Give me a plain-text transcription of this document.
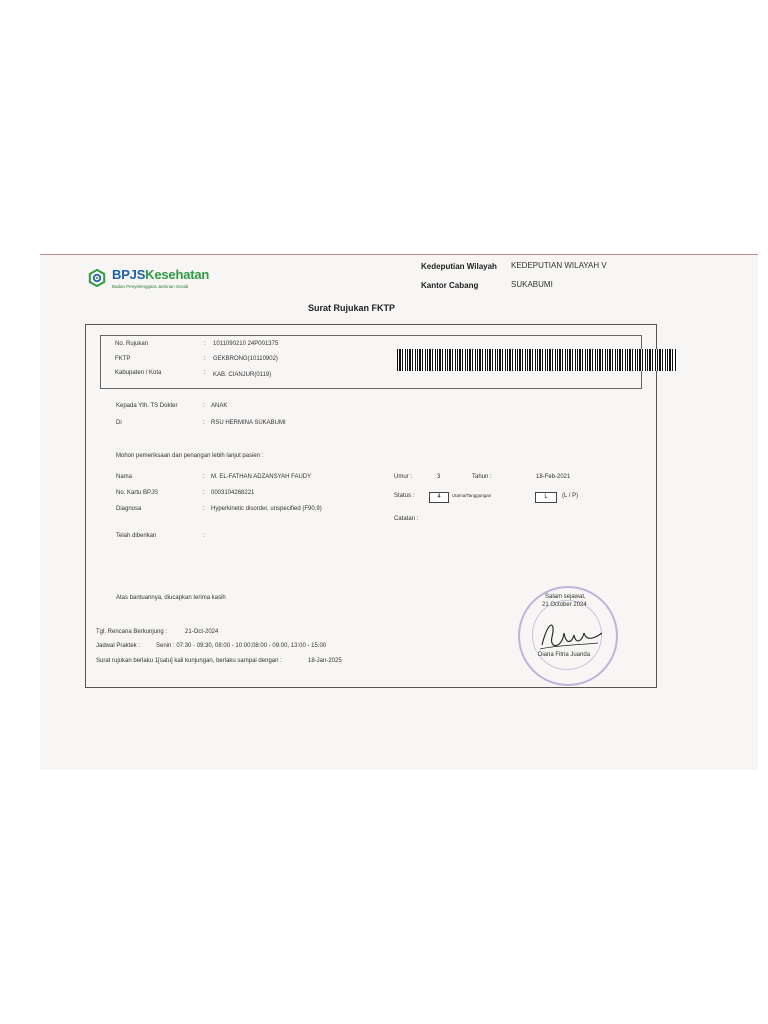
BPJSKesehatan
Badan Penyelenggara Jaminan Sosial
Kedeputian Wilayah KEDEPUTIAN WILAYAH V
Kantor Cabang	SUKABUMI
Surat Rujukan FKTP
No. Rujukan	: 1011090210 24P001375
FKTP	: GEKBRONG(10110902)
Kabupaten / Kota	: KAB. CIANJUR(0119)
Kepada Yth. TS Dokter	: ANAK
Di	: RSU HERMINA SUKABUMI
Mohon pemeriksaan dan penangan lebih lanjut pasien :
Nama	: M. EL-FATHAN ADZANSYAH FAUDY
No. Kartu BPJS	: 0003104268221
Diagnosa	: Hyperkinetic disorder, unspecified (F90.9)
Telah diberikan	:
Umur :	3	Tahun :	18-Feb-2021
Status :	4	Utama/Tanggungan	L	(L / P)
Catatan :
Atas bantuannya, diucapkan terima kasih	Salam sejawat,
21 October 2024
Tgl. Rencana Berkunjung :	21-Oct-2024
Jadwal Praktek :	Senin : 07:30 - 09:30, 08:00 - 10:00;08:00 - 09:00, 13:00 - 15:00
Surat rujukan berlaku 1[satu] kali kunjungan, berlaku sampai dengan :	18-Jan-2025
Diana Fitria Juanda
